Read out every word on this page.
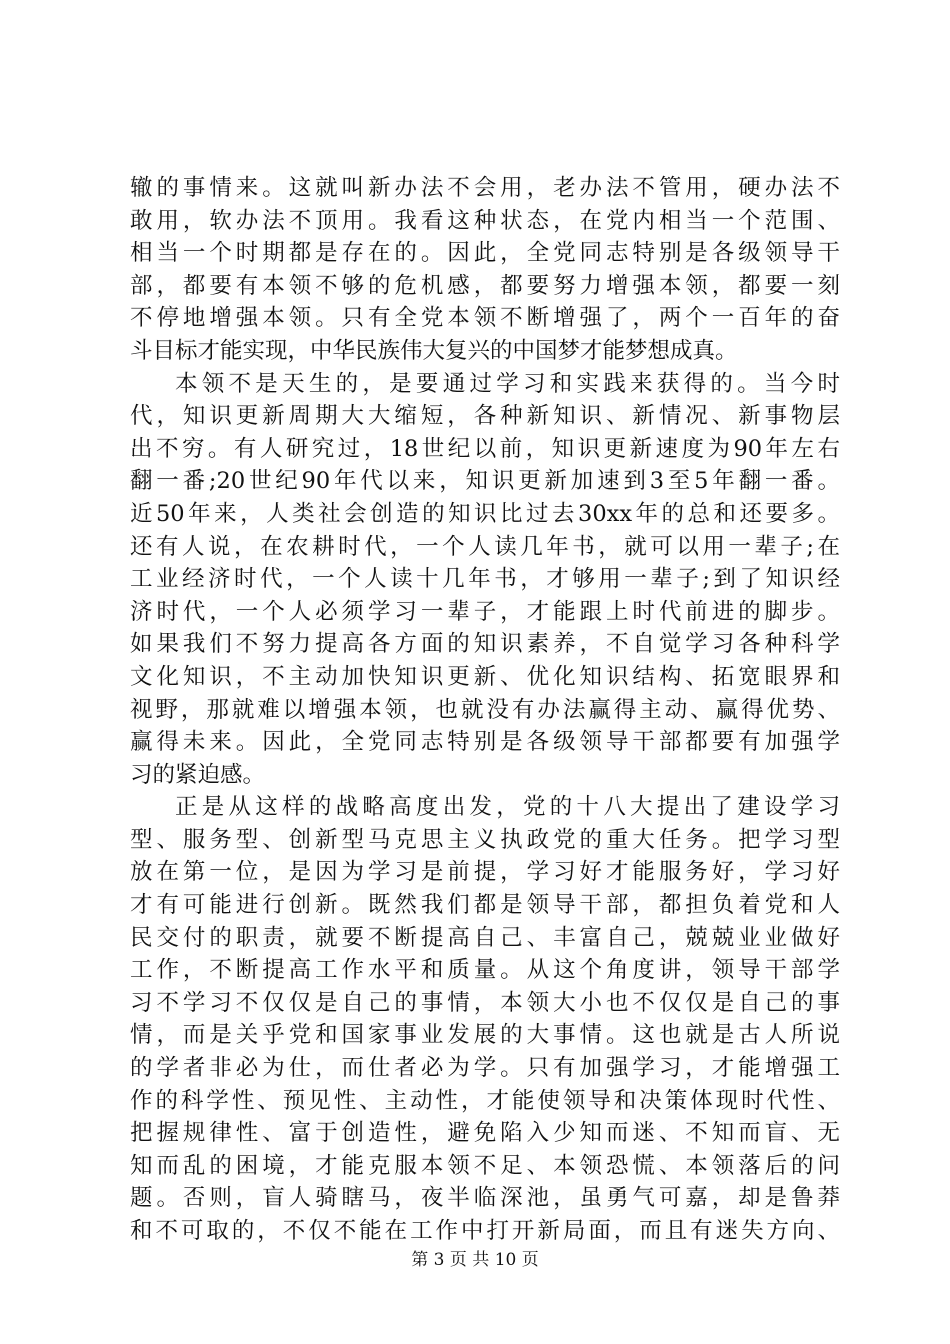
辙的事情来。这就叫新办法不会用，老办法不管用，硬办法不
敢用，软办法不顶用。我看这种状态，在党内相当一个范围、
相当一个时期都是存在的。因此，全党同志特别是各级领导干
部，都要有本领不够的危机感，都要努力增强本领，都要一刻
不停地增强本领。只有全党本领不断增强了，两个一百年的奋
斗目标才能实现，中华民族伟大复兴的中国梦才能梦想成真。
本领不是天生的，是要通过学习和实践来获得的。当今时
代，知识更新周期大大缩短，各种新知识、新情况、新事物层
出不穷。有人研究过，18世纪以前，知识更新速度为90年左右
翻一番;20世纪90年代以来，知识更新加速到3至5年翻一番。
近50年来，人类社会创造的知识比过去30xx年的总和还要多。
还有人说，在农耕时代，一个人读几年书，就可以用一辈子;在
工业经济时代，一个人读十几年书，才够用一辈子;到了知识经
济时代，一个人必须学习一辈子，才能跟上时代前进的脚步。
如果我们不努力提高各方面的知识素养，不自觉学习各种科学
文化知识，不主动加快知识更新、优化知识结构、拓宽眼界和
视野，那就难以增强本领，也就没有办法赢得主动、赢得优势、
赢得未来。因此，全党同志特别是各级领导干部都要有加强学
习的紧迫感。
正是从这样的战略高度出发，党的十八大提出了建设学习
型、服务型、创新型马克思主义执政党的重大任务。把学习型
放在第一位，是因为学习是前提，学习好才能服务好，学习好
才有可能进行创新。既然我们都是领导干部，都担负着党和人
民交付的职责，就要不断提高自己、丰富自己，兢兢业业做好
工作，不断提高工作水平和质量。从这个角度讲，领导干部学
习不学习不仅仅是自己的事情，本领大小也不仅仅是自己的事
情，而是关乎党和国家事业发展的大事情。这也就是古人所说
的学者非必为仕，而仕者必为学。只有加强学习，才能增强工
作的科学性、预见性、主动性，才能使领导和决策体现时代性、
把握规律性、富于创造性，避免陷入少知而迷、不知而盲、无
知而乱的困境，才能克服本领不足、本领恐慌、本领落后的问
题。否则，盲人骑瞎马，夜半临深池，虽勇气可嘉，却是鲁莽
和不可取的，不仅不能在工作中打开新局面，而且有迷失方向、
第 3 页 共 10 页
